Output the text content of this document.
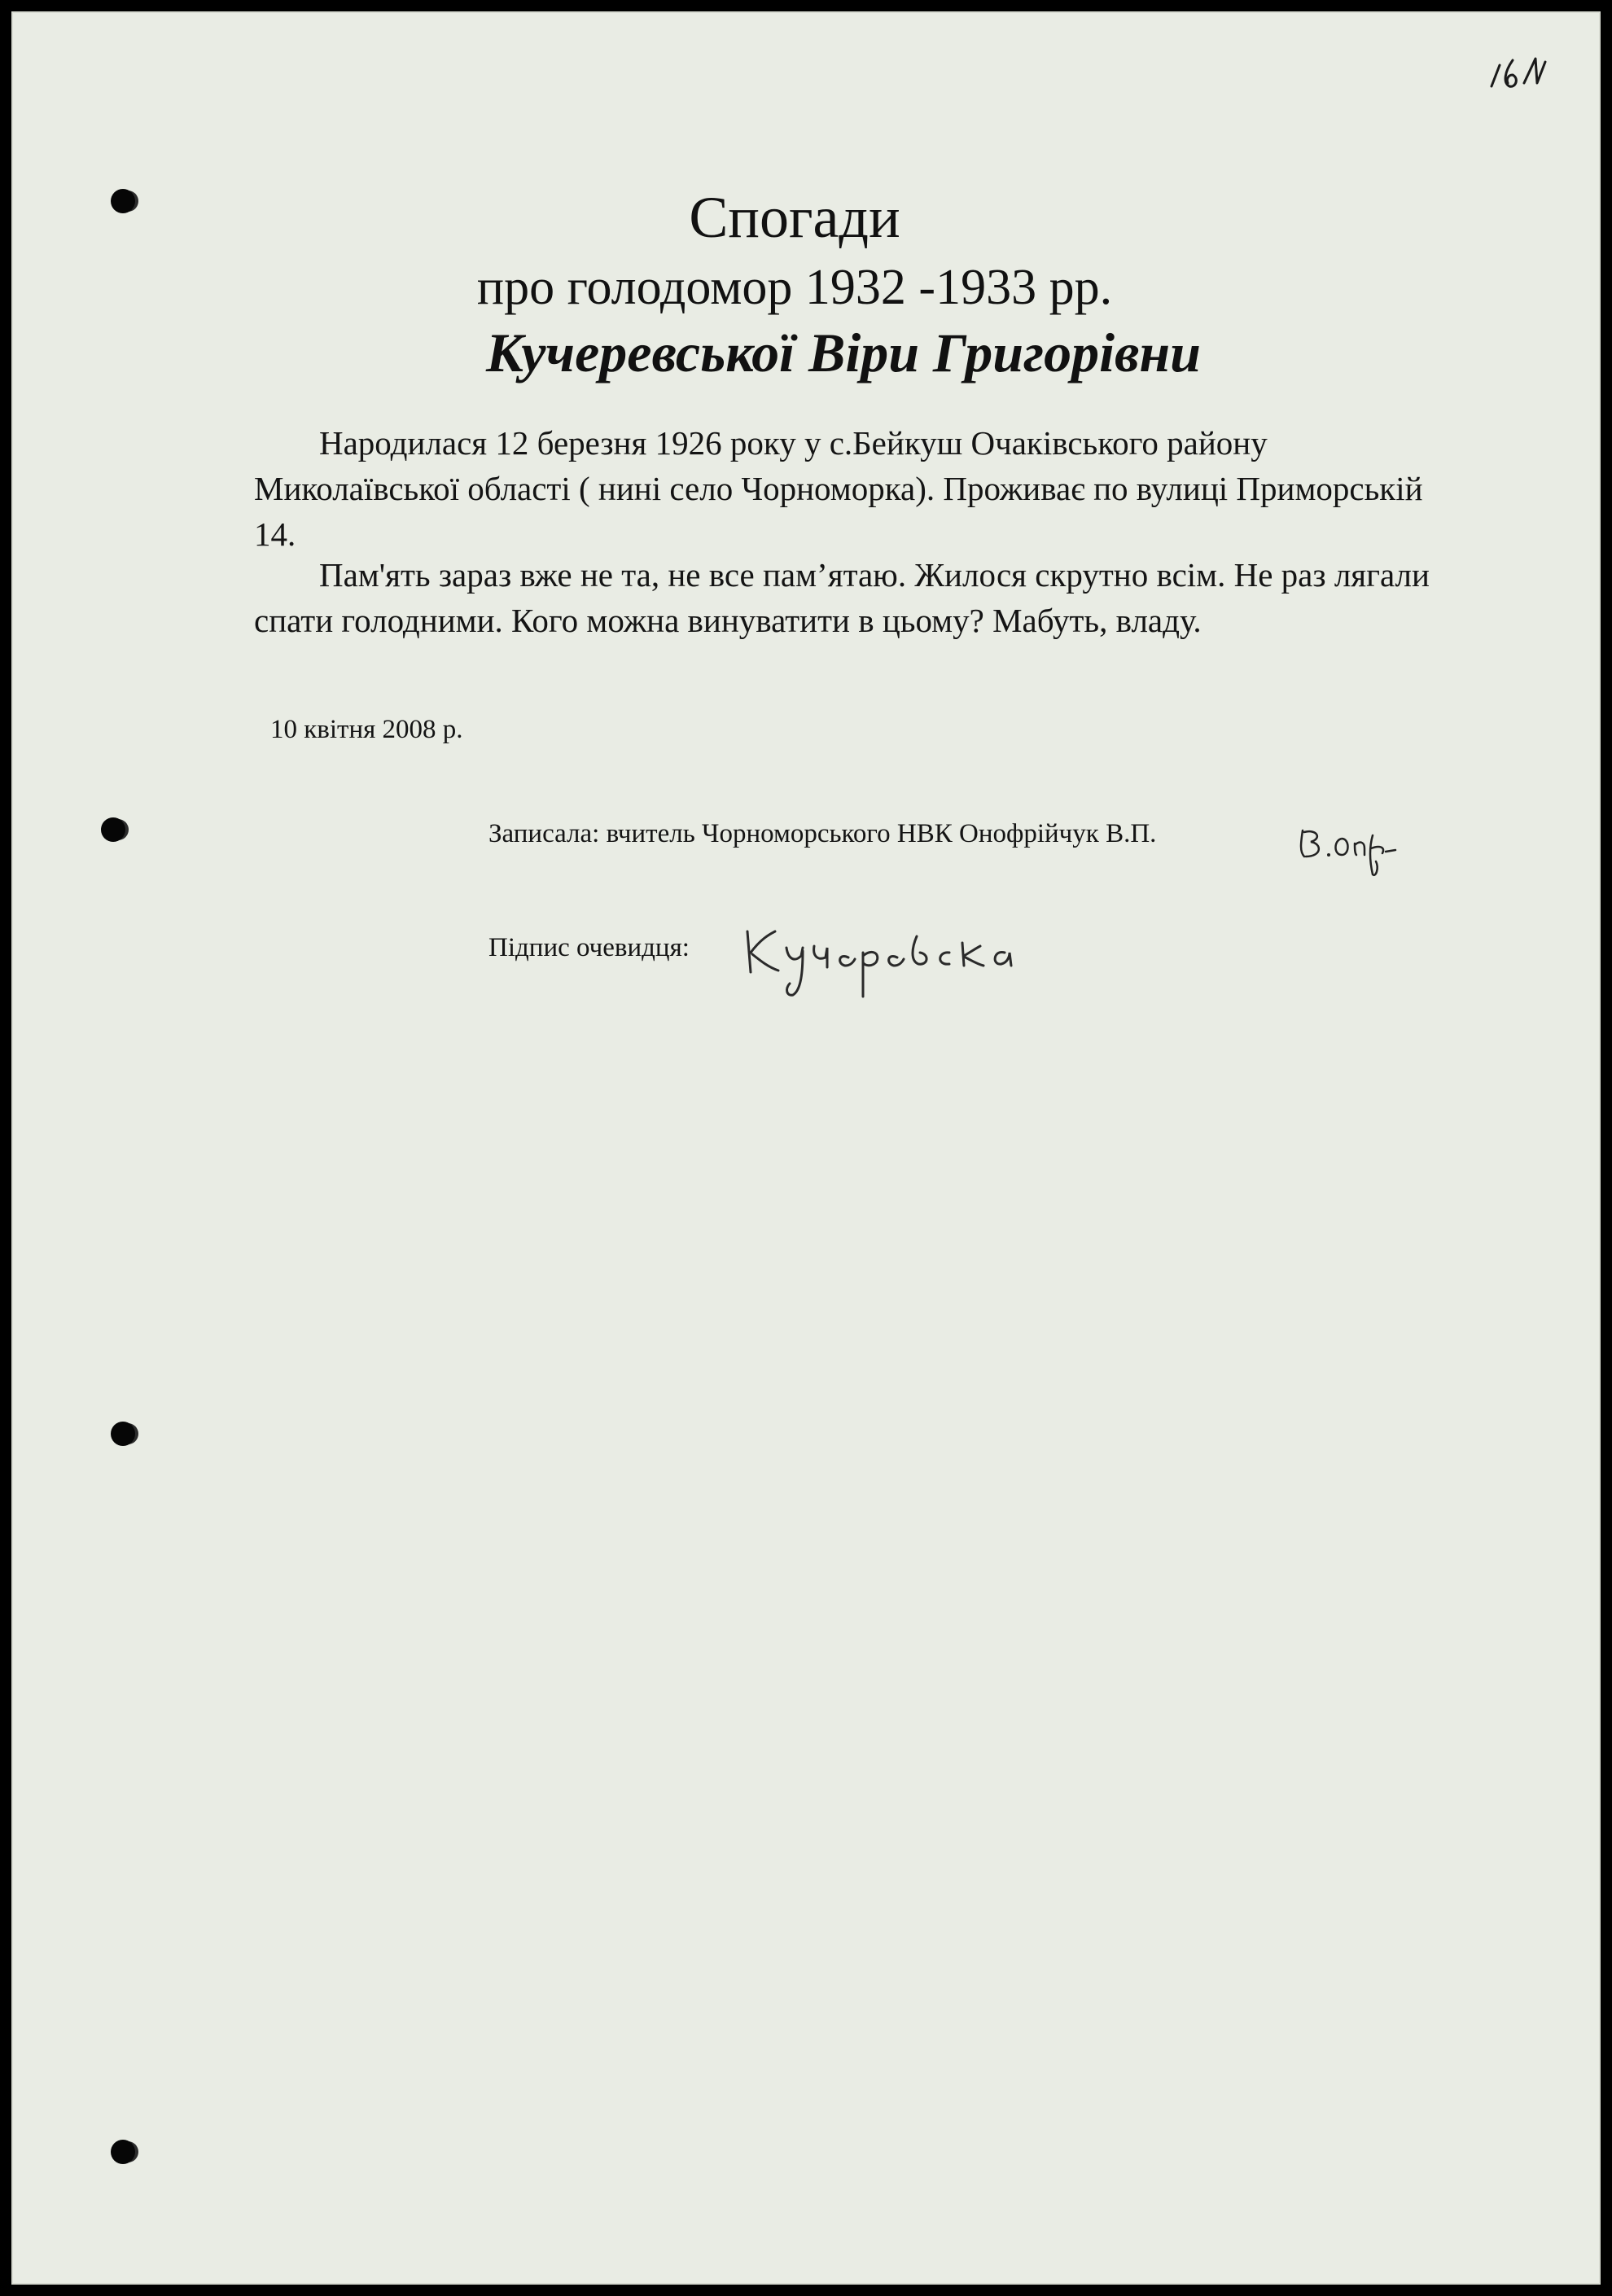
Спогади
про голодомор 1932 -1933 рр.
Кучеревської Віри Григорівни

Народилася 12 березня 1926 року у с.Бейкуш Очаківського району Миколаївської області ( нині село Чорноморка). Проживає по вулиці Приморській 14.

Пам'ять зараз вже не та, не все пам’ятаю. Жилося скрутно всім. Не раз лягали спати голодними. Кого можна винуватити в цьому? Мабуть, владу.

10 квітня 2008 р.

Записала: вчитель Чорноморського НВК Онофрійчук В.П.

Підпис очевидця:
